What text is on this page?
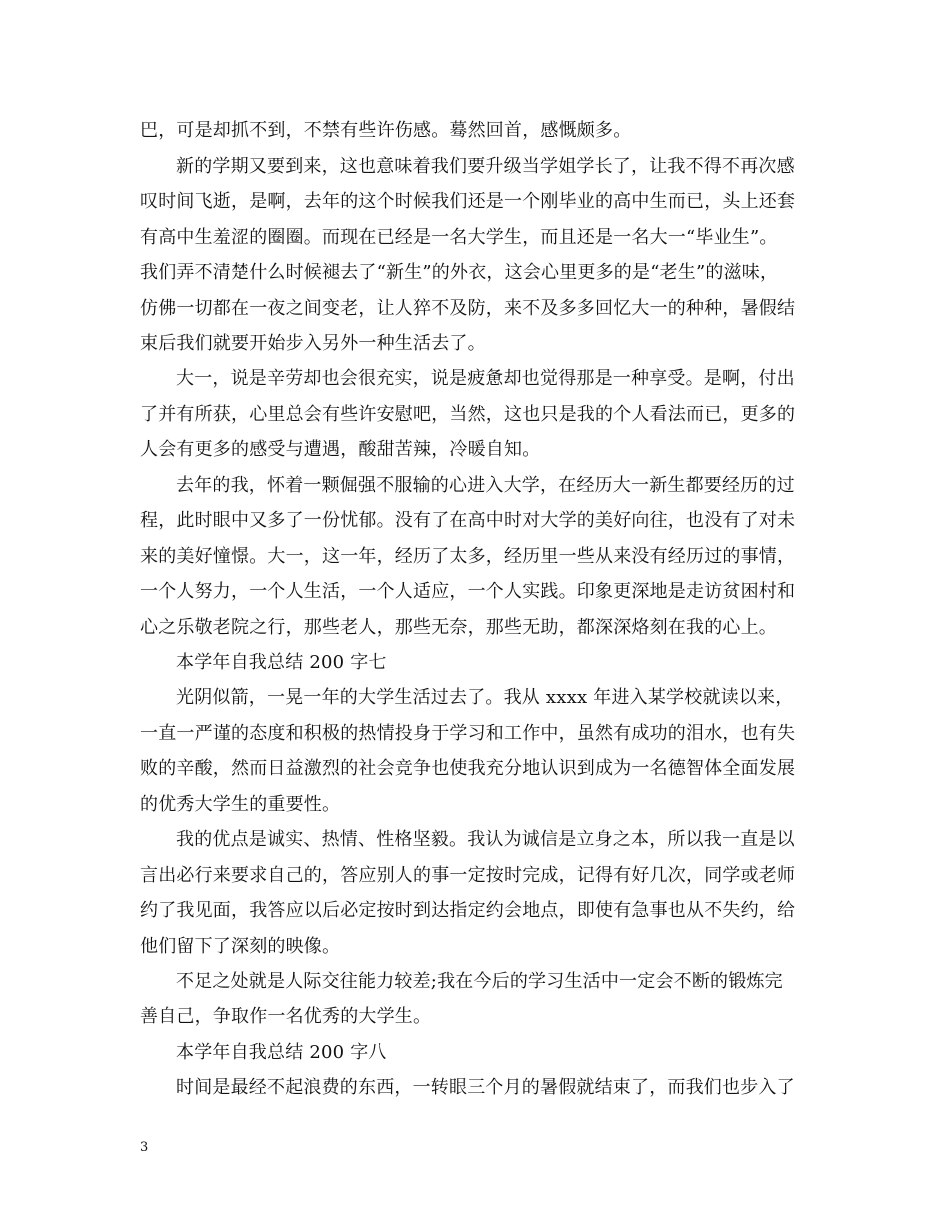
巴，可是却抓不到，不禁有些许伤感。蓦然回首，感慨颇多。
新的学期又要到来，这也意味着我们要升级当学姐学长了，让我不得不再次感
叹时间飞逝，是啊，去年的这个时候我们还是一个刚毕业的高中生而已，头上还套
有高中生羞涩的圈圈。而现在已经是一名大学生，而且还是一名大一“毕业生”。
我们弄不清楚什么时候褪去了“新生”的外衣，这会心里更多的是“老生”的滋味，
仿佛一切都在一夜之间变老，让人猝不及防，来不及多多回忆大一的种种，暑假结
束后我们就要开始步入另外一种生活去了。
大一，说是辛劳却也会很充实，说是疲惫却也觉得那是一种享受。是啊，付出
了并有所获，心里总会有些许安慰吧，当然，这也只是我的个人看法而已，更多的
人会有更多的感受与遭遇，酸甜苦辣，冷暖自知。
去年的我，怀着一颗倔强不服输的心进入大学，在经历大一新生都要经历的过
程，此时眼中又多了一份忧郁。没有了在高中时对大学的美好向往，也没有了对未
来的美好憧憬。大一，这一年，经历了太多，经历里一些从来没有经历过的事情，
一个人努力，一个人生活，一个人适应，一个人实践。印象更深地是走访贫困村和
心之乐敬老院之行，那些老人，那些无奈，那些无助，都深深烙刻在我的心上。
本学年自我总结 200 字七
光阴似箭，一晃一年的大学生活过去了。我从 xxxx 年进入某学校就读以来，
一直一严谨的态度和积极的热情投身于学习和工作中，虽然有成功的泪水，也有失
败的辛酸，然而日益激烈的社会竞争也使我充分地认识到成为一名德智体全面发展
的优秀大学生的重要性。
我的优点是诚实、热情、性格坚毅。我认为诚信是立身之本，所以我一直是以
言出必行来要求自己的，答应别人的事一定按时完成，记得有好几次，同学或老师
约了我见面，我答应以后必定按时到达指定约会地点，即使有急事也从不失约，给
他们留下了深刻的映像。
不足之处就是人际交往能力较差;我在今后的学习生活中一定会不断的锻炼完
善自己，争取作一名优秀的大学生。
本学年自我总结 200 字八
时间是最经不起浪费的东西，一转眼三个月的暑假就结束了，而我们也步入了
3
